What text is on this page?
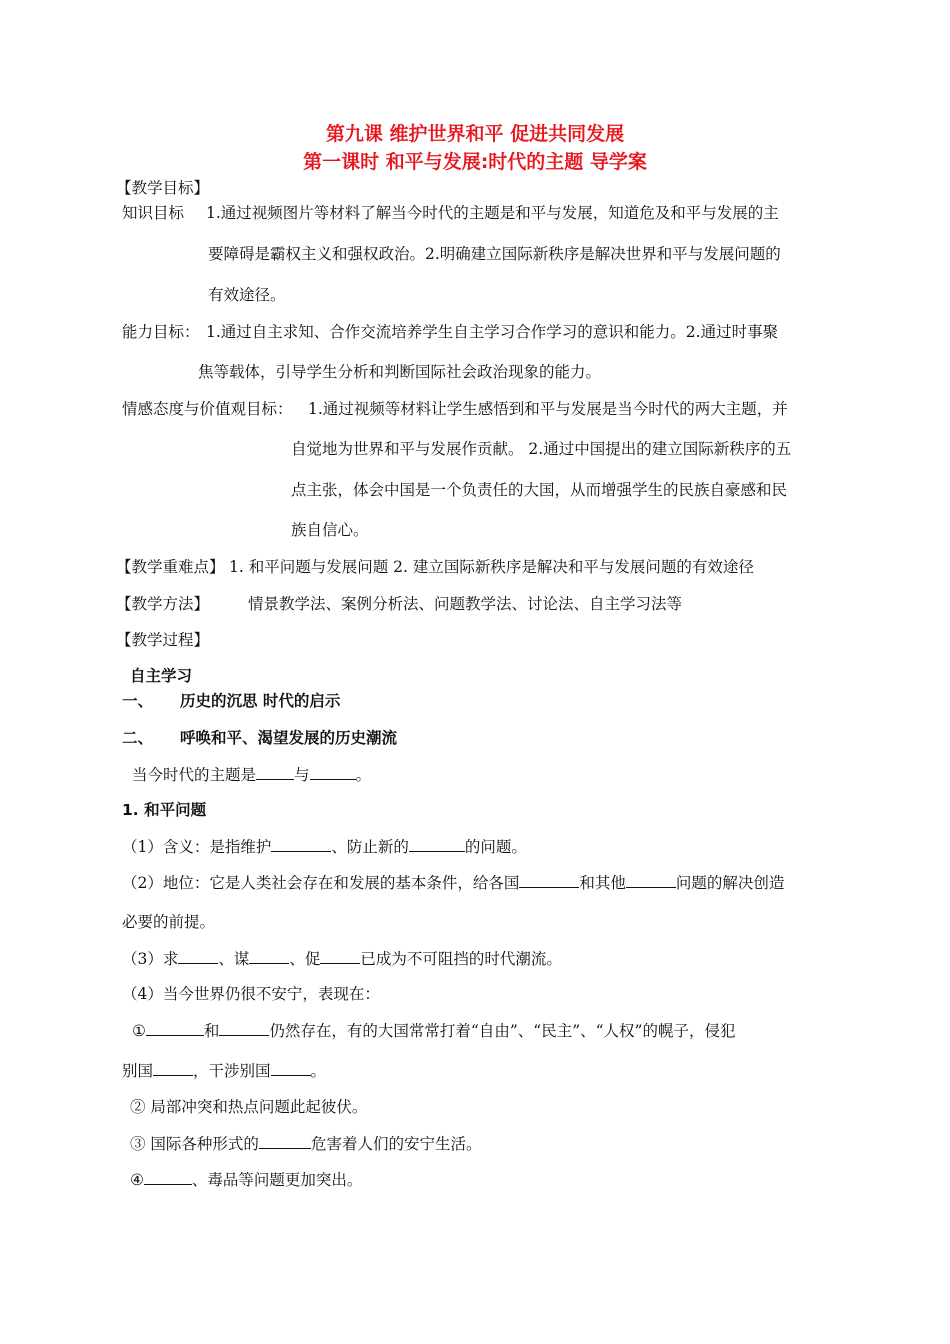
第九课 维护世界和平 促进共同发展
第一课时 和平与发展:时代的主题 导学案
【教学目标】
知识目标 1.通过视频图片等材料了解当今时代的主题是和平与发展，知道危及和平与发展的主
要障碍是霸权主义和强权政治。2.明确建立国际新秩序是解决世界和平与发展问题的
有效途径。
能力目标： 1.通过自主求知、合作交流培养学生自主学习合作学习的意识和能力。2.通过时事聚
焦等载体，引导学生分析和判断国际社会政治现象的能力。
情感态度与价值观目标： 1.通过视频等材料让学生感悟到和平与发展是当今时代的两大主题，并
自觉地为世界和平与发展作贡献。 2.通过中国提出的建立国际新秩序的五
点主张，体会中国是一个负责任的大国，从而增强学生的民族自豪感和民
族自信心。
【教学重难点】 1. 和平问题与发展问题 2. 建立国际新秩序是解决和平与发展问题的有效途径
【教学方法】	情景教学法、案例分析法、问题教学法、讨论法、自主学习法等
【教学过程】
自主学习
一、 历史的沉思 时代的启示
二、 呼唤和平、渴望发展的历史潮流
当今时代的主题是 与	。
1. 和平问题
（1）含义：是指维护	、防止新的	的问题。
（2）地位：它是人类社会存在和发展的基本条件，给各国	和其他	问题的解决创造
必要的前提。
（3）求	、谋	、促	已成为不可阻挡的时代潮流。
（4）当今世界仍很不安宁，表现在：
①	和	仍然存在，有的大国常常打着“自由”、“民主”、“人权”的幌子，侵犯
别国	，干涉别国	。
② 局部冲突和热点问题此起彼伏。
③ 国际各种形式的	危害着人们的安宁生活。
④	、毒品等问题更加突出。
